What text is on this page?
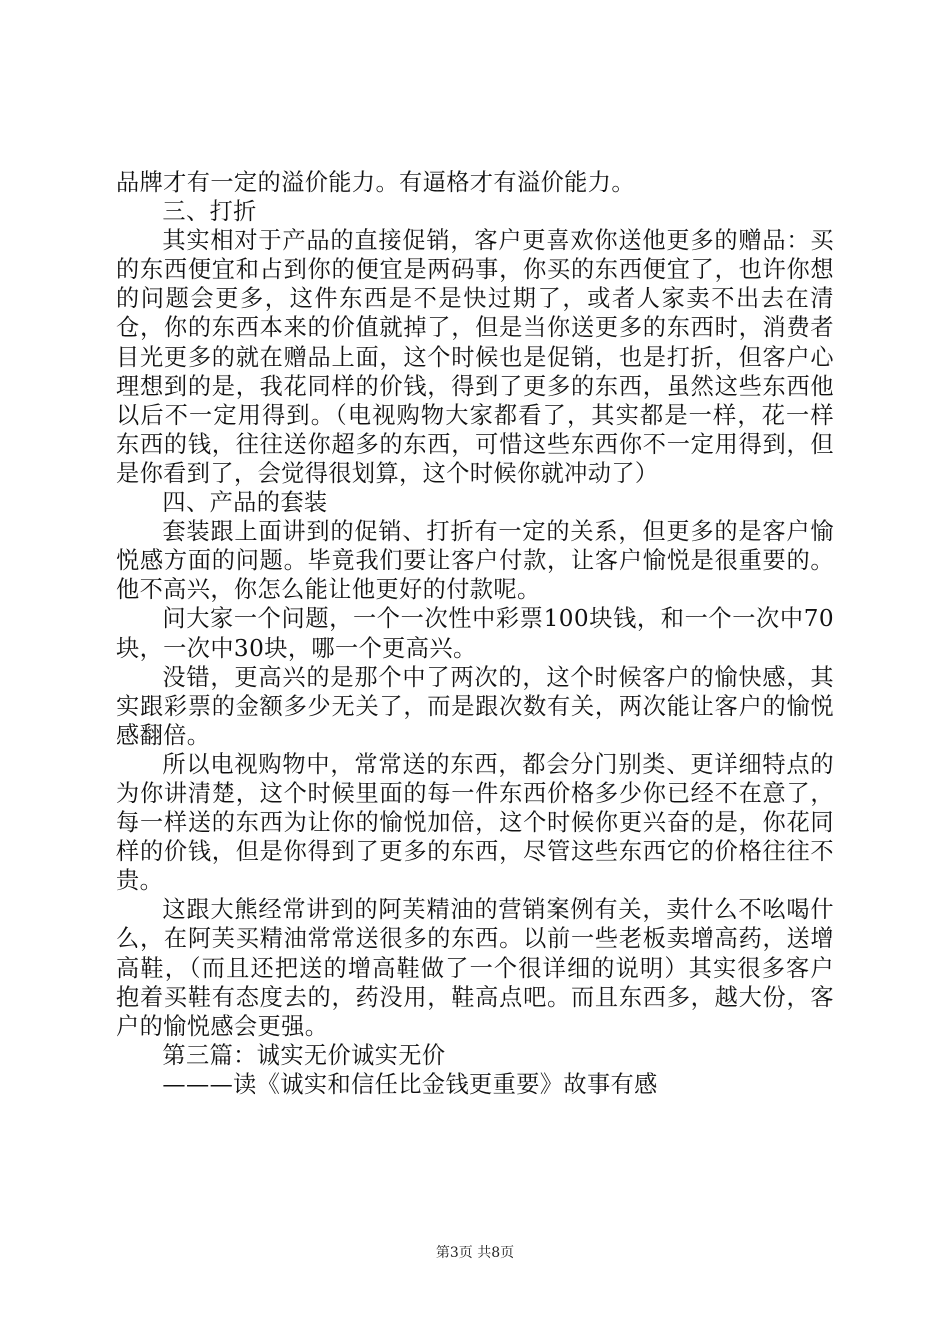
品牌才有一定的溢价能力。有逼格才有溢价能力。

三、打折

其实相对于产品的直接促销，客户更喜欢你送他更多的赠品：买的东西便宜和占到你的便宜是两码事，你买的东西便宜了，也许你想的问题会更多，这件东西是不是快过期了，或者人家卖不出去在清仓，你的东西本来的价值就掉了，但是当你送更多的东西时，消费者目光更多的就在赠品上面，这个时候也是促销，也是打折，但客户心理想到的是，我花同样的价钱，得到了更多的东西，虽然这些东西他以后不一定用得到。（电视购物大家都看了，其实都是一样，花一样东西的钱，往往送你超多的东西，可惜这些东西你不一定用得到，但是你看到了，会觉得很划算，这个时候你就冲动了）

四、产品的套装

套装跟上面讲到的促销、打折有一定的关系，但更多的是客户愉悦感方面的问题。毕竟我们要让客户付款，让客户愉悦是很重要的。他不高兴，你怎么能让他更好的付款呢。

问大家一个问题，一个一次性中彩票100块钱，和一个一次中70块，一次中30块，哪一个更高兴。

没错，更高兴的是那个中了两次的，这个时候客户的愉快感，其实跟彩票的金额多少无关了，而是跟次数有关，两次能让客户的愉悦感翻倍。

所以电视购物中，常常送的东西，都会分门别类、更详细特点的为你讲清楚，这个时候里面的每一件东西价格多少你已经不在意了，每一样送的东西为让你的愉悦加倍，这个时候你更兴奋的是，你花同样的价钱，但是你得到了更多的东西，尽管这些东西它的价格往往不贵。

这跟大熊经常讲到的阿芙精油的营销案例有关，卖什么不吆喝什么，在阿芙买精油常常送很多的东西。以前一些老板卖增高药，送增高鞋，（而且还把送的增高鞋做了一个很详细的说明）其实很多客户抱着买鞋有态度去的，药没用，鞋高点吧。而且东西多，越大份，客户的愉悦感会更强。

第三篇：诚实无价诚实无价

———读《诚实和信任比金钱更重要》故事有感

第3页 共8页
